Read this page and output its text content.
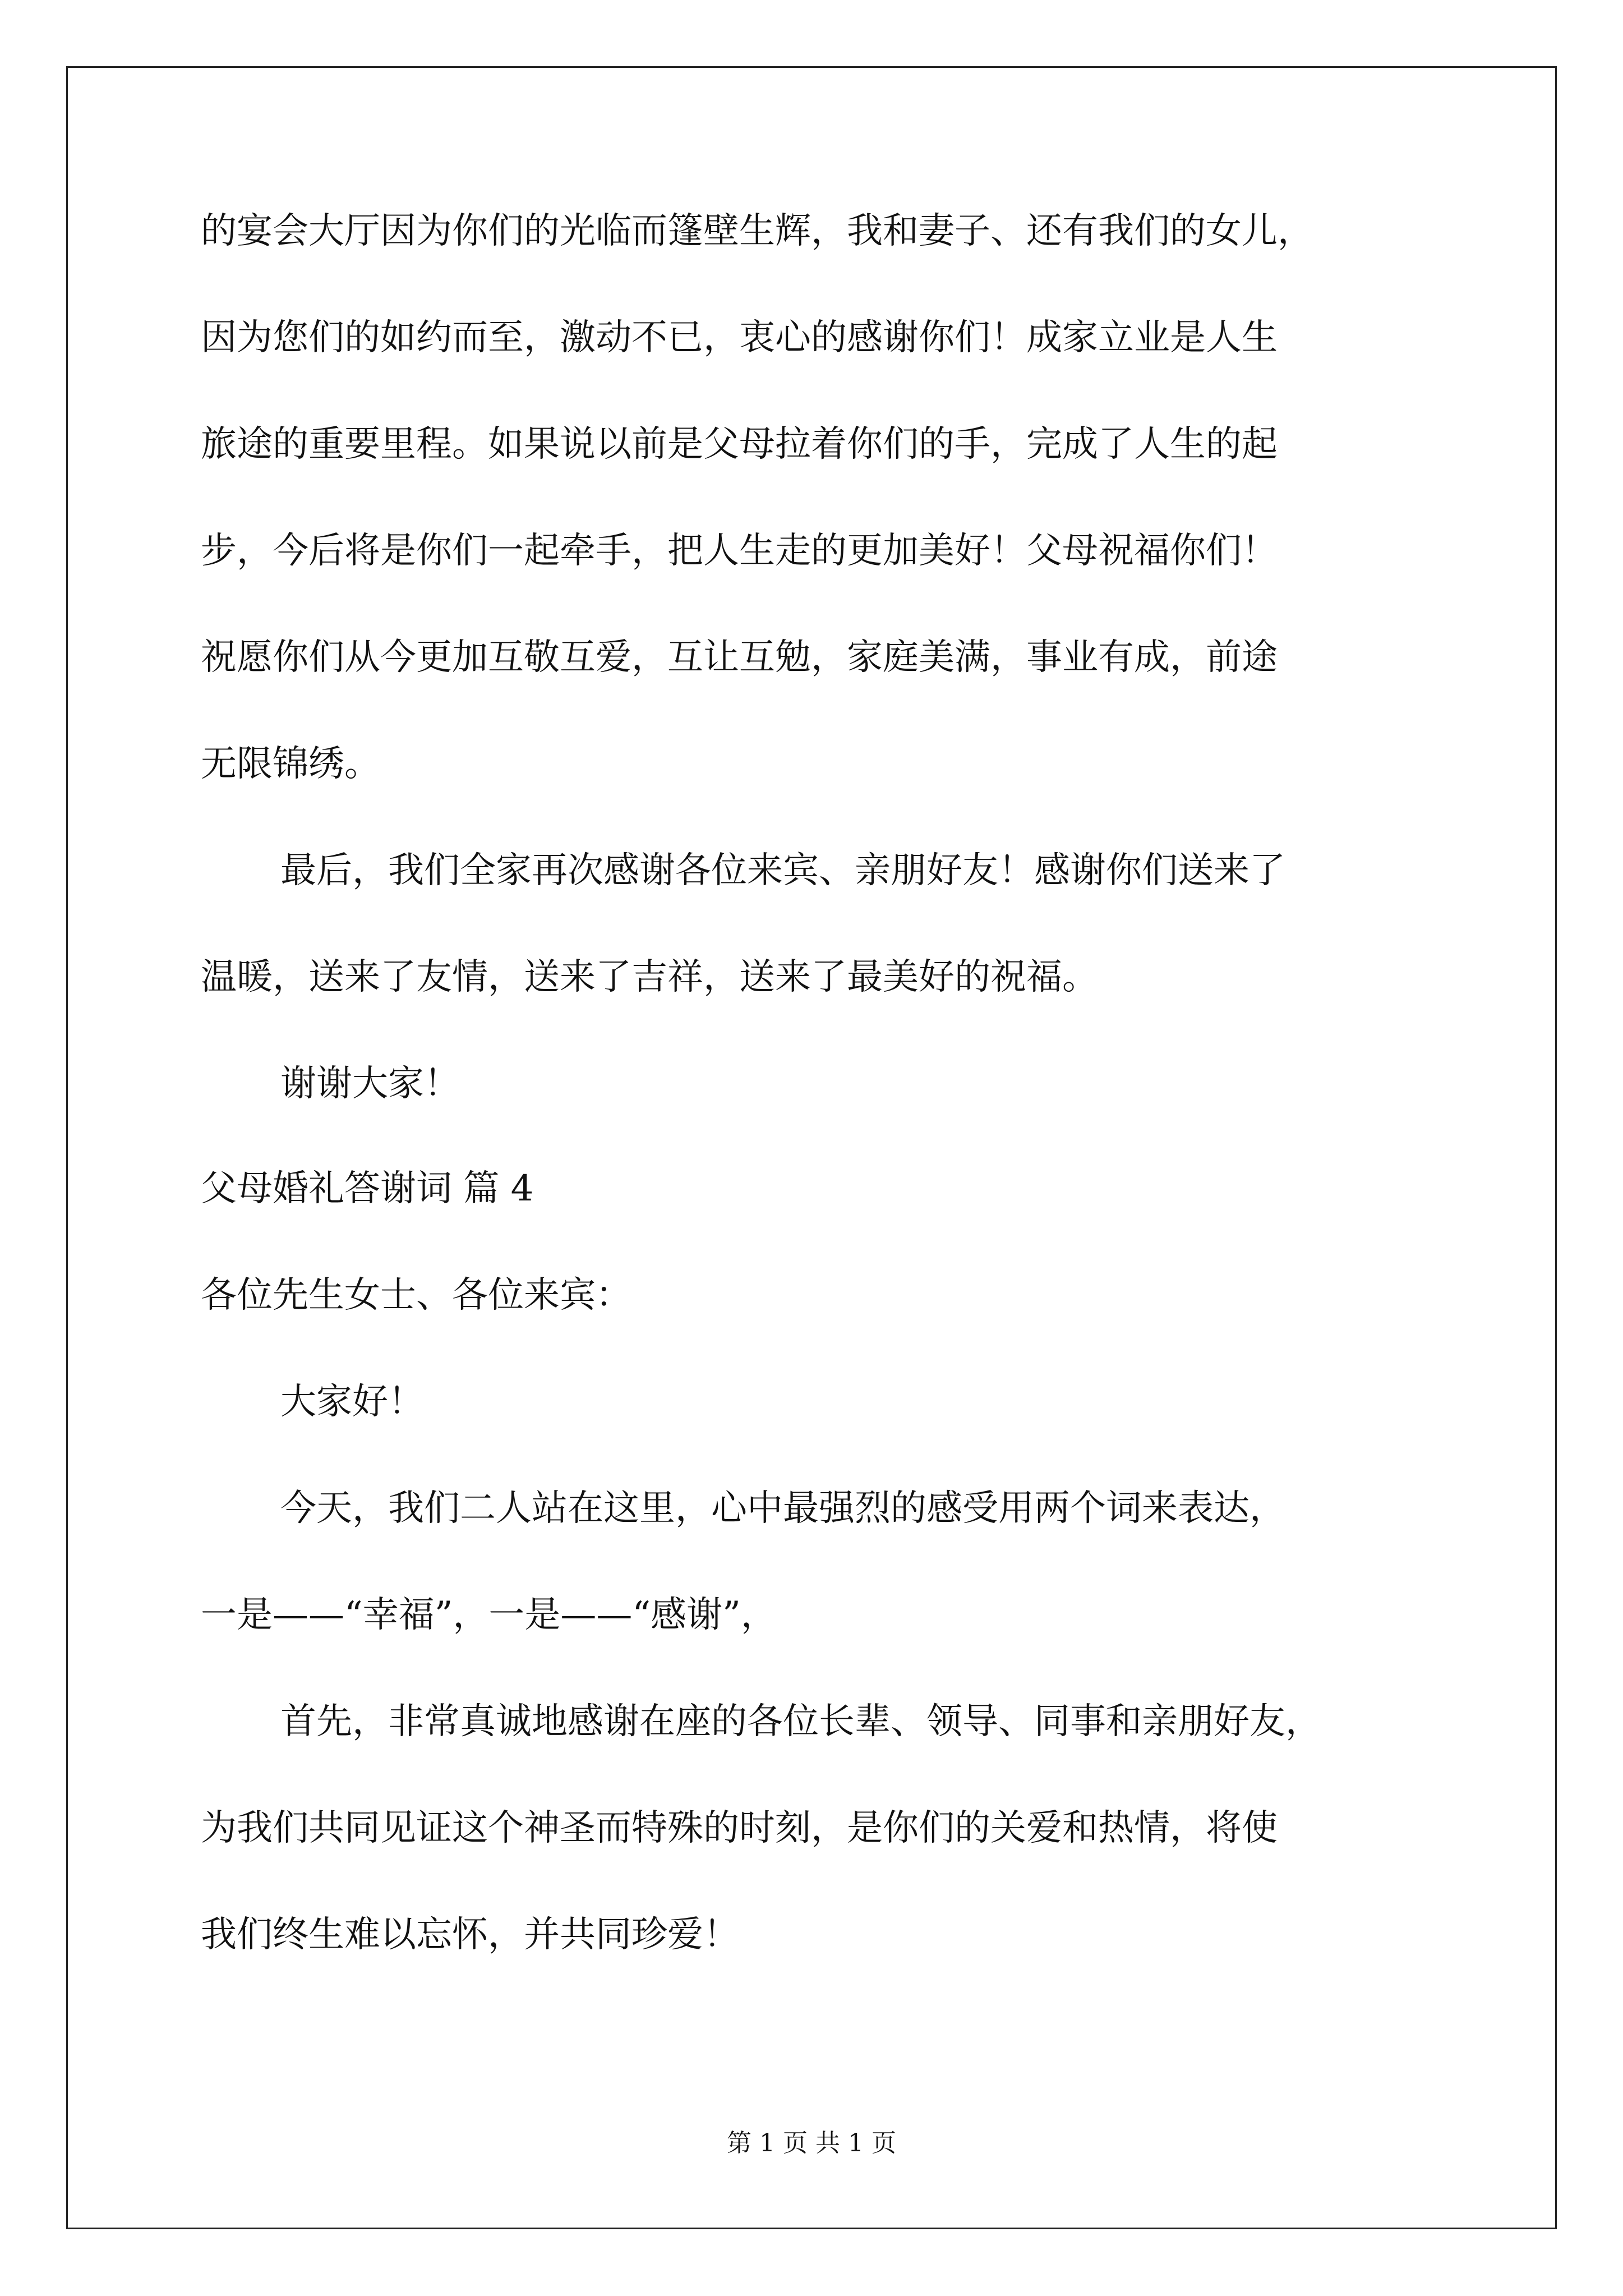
的宴会大厅因为你们的光临而篷壁生辉，我和妻子、还有我们的女儿，
因为您们的如约而至，激动不已，衷心的感谢你们！成家立业是人生
旅途的重要里程。如果说以前是父母拉着你们的手，完成了人生的起
步，今后将是你们一起牵手，把人生走的更加美好！父母祝福你们！
祝愿你们从今更加互敬互爱，互让互勉，家庭美满，事业有成，前途
无限锦绣。
最后，我们全家再次感谢各位来宾、亲朋好友！感谢你们送来了
温暖，送来了友情，送来了吉祥，送来了最美好的祝福。
谢谢大家！
父母婚礼答谢词 篇 4
各位先生女士、各位来宾：
大家好！
今天，我们二人站在这里，心中最强烈的感受用两个词来表达，
一是——“幸福”，一是——“感谢”，
首先，非常真诚地感谢在座的各位长辈、领导、同事和亲朋好友，
为我们共同见证这个神圣而特殊的时刻，是你们的关爱和热情，将使
我们终生难以忘怀，并共同珍爱！
第 1 页 共 1 页
